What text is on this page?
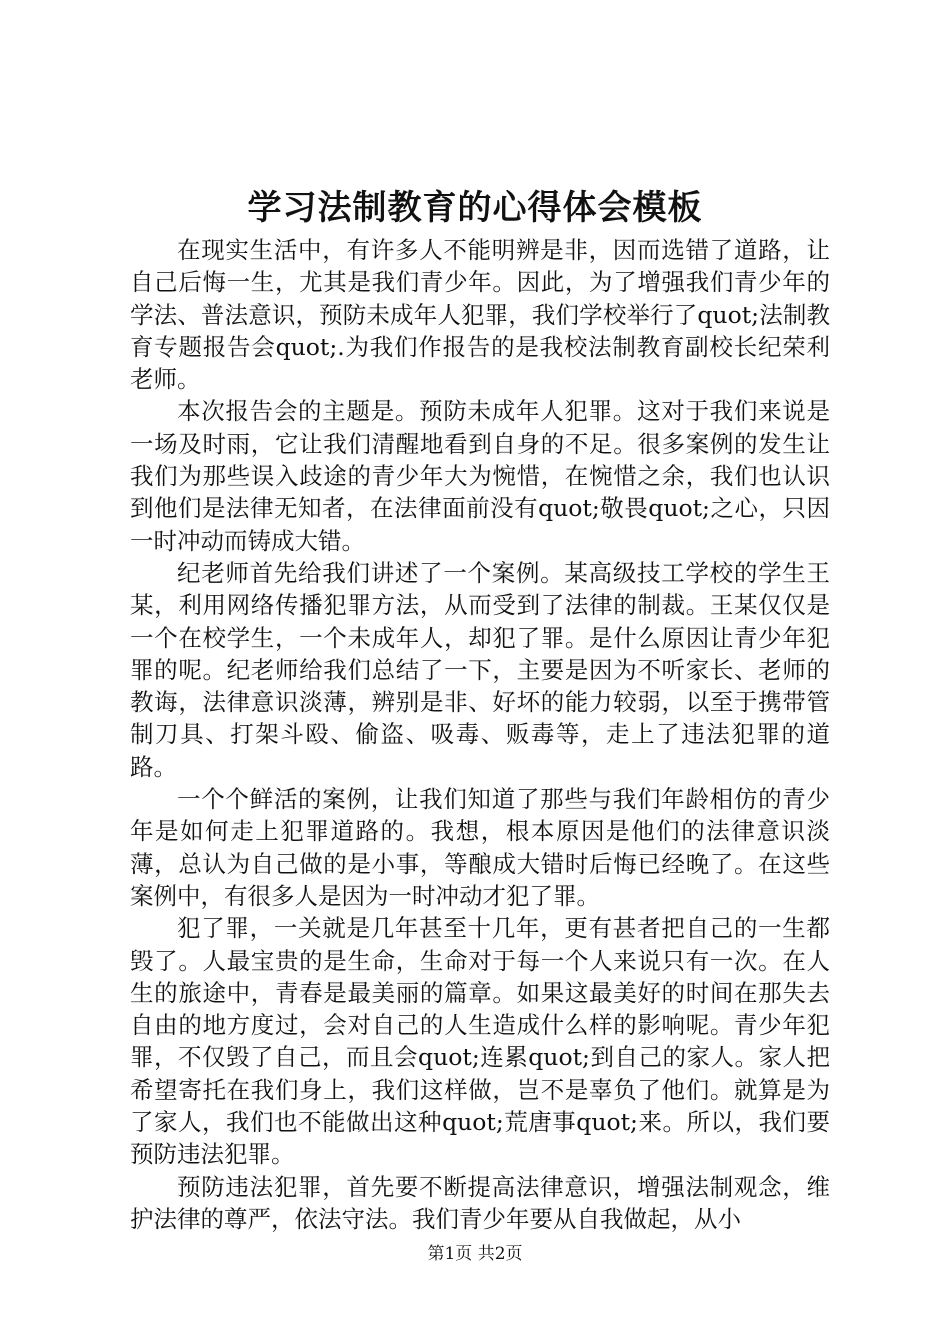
学习法制教育的心得体会模板

在现实生活中，有许多人不能明辨是非，因而选错了道路，让自己后悔一生，尤其是我们青少年。因此，为了增强我们青少年的学法、普法意识，预防未成年人犯罪，我们学校举行了quot;法制教育专题报告会quot;.为我们作报告的是我校法制教育副校长纪荣利老师。

本次报告会的主题是。预防未成年人犯罪。这对于我们来说是一场及时雨，它让我们清醒地看到自身的不足。很多案例的发生让我们为那些误入歧途的青少年大为惋惜，在惋惜之余，我们也认识到他们是法律无知者，在法律面前没有quot;敬畏quot;之心，只因一时冲动而铸成大错。

纪老师首先给我们讲述了一个案例。某高级技工学校的学生王某，利用网络传播犯罪方法，从而受到了法律的制裁。王某仅仅是一个在校学生，一个未成年人，却犯了罪。是什么原因让青少年犯罪的呢。纪老师给我们总结了一下，主要是因为不听家长、老师的教诲，法律意识淡薄，辨别是非、好坏的能力较弱，以至于携带管制刀具、打架斗殴、偷盗、吸毒、贩毒等，走上了违法犯罪的道路。

一个个鲜活的案例，让我们知道了那些与我们年龄相仿的青少年是如何走上犯罪道路的。我想，根本原因是他们的法律意识淡薄，总认为自己做的是小事，等酿成大错时后悔已经晚了。在这些案例中，有很多人是因为一时冲动才犯了罪。

犯了罪，一关就是几年甚至十几年，更有甚者把自己的一生都毁了。人最宝贵的是生命，生命对于每一个人来说只有一次。在人生的旅途中，青春是最美丽的篇章。如果这最美好的时间在那失去自由的地方度过，会对自己的人生造成什么样的影响呢。青少年犯罪，不仅毁了自己，而且会quot;连累quot;到自己的家人。家人把希望寄托在我们身上，我们这样做，岂不是辜负了他们。就算是为了家人，我们也不能做出这种quot;荒唐事quot;来。所以，我们要预防违法犯罪。

预防违法犯罪，首先要不断提高法律意识，增强法制观念，维护法律的尊严，依法守法。我们青少年要从自我做起，从小

第1页 共2页
